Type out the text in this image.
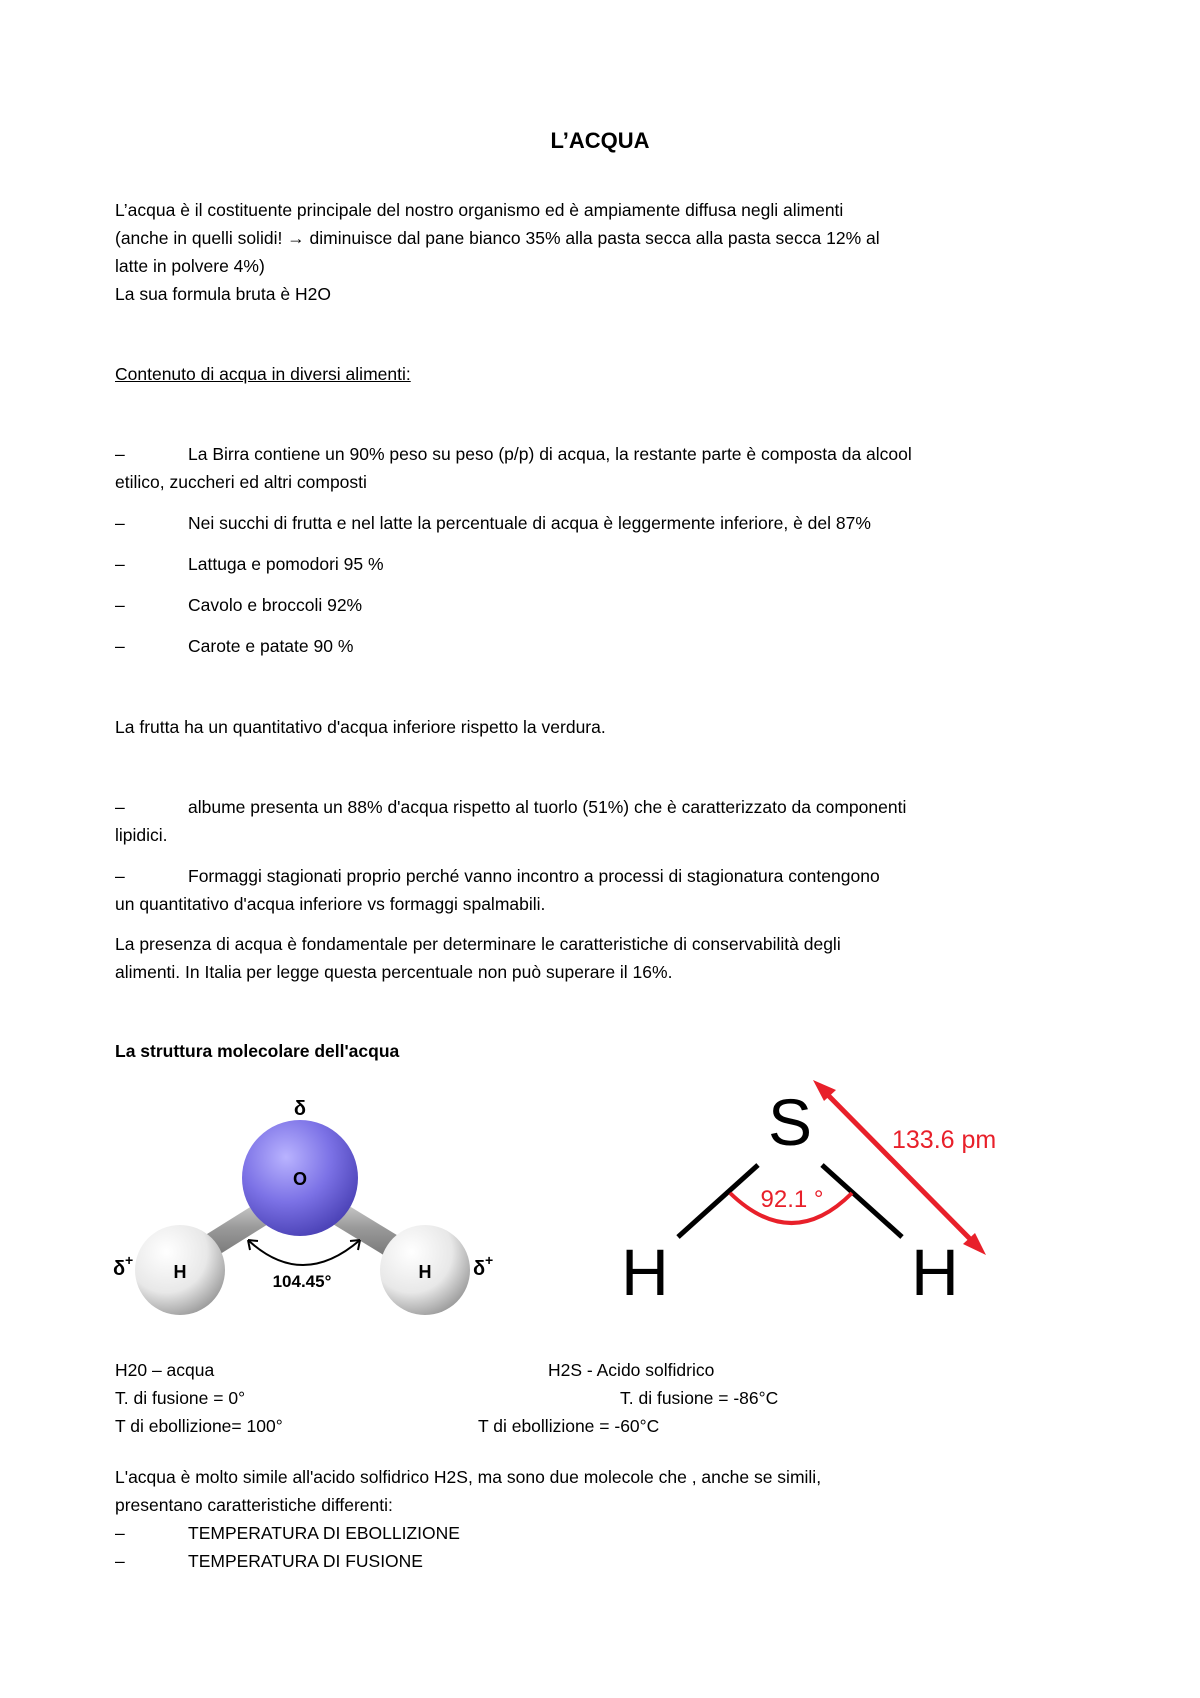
L’ACQUA
L’acqua è il costituente principale del nostro organismo ed è ampiamente diffusa negli alimenti
(anche in quelli solidi! → diminuisce dal pane bianco 35% alla pasta secca alla pasta secca 12% al
latte in polvere 4%)
La sua formula bruta è H2O
Contenuto di acqua in diversi alimenti:
–	La Birra contiene un 90% peso su peso (p/p) di acqua, la restante parte è composta da alcool
etilico, zuccheri ed altri composti
–	Nei succhi di frutta e nel latte la percentuale di acqua è leggermente inferiore, è del 87%
–	Lattuga e pomodori 95 %
–	Cavolo e broccoli 92%
–	Carote e patate 90 %
La frutta ha un quantitativo d'acqua inferiore rispetto la verdura.
–	albume presenta un 88% d'acqua rispetto al tuorlo (51%) che è caratterizzato da componenti
lipidici.
–	Formaggi stagionati proprio perché vanno incontro a processi di stagionatura contengono
un quantitativo d'acqua inferiore vs formaggi spalmabili.
La presenza di acqua è fondamentale per determinare le caratteristiche di conservabilità degli
alimenti. In Italia per legge questa percentuale non può superare il 16%.
La struttura molecolare dell'acqua
O
H	H
δ
δ +	δ +
104.45°
S
H	H
92.1 °
133.6 pm
H20 – acqua	H2S - Acido solfidrico
T. di fusione = 0°	T. di fusione = -86°C
T di ebollizione= 100°	T di ebollizione = -60°C
L'acqua è molto simile all'acido solfidrico H2S, ma sono due molecole che , anche se simili,
presentano caratteristiche differenti:
–	TEMPERATURA DI EBOLLIZIONE
–	TEMPERATURA DI FUSIONE
